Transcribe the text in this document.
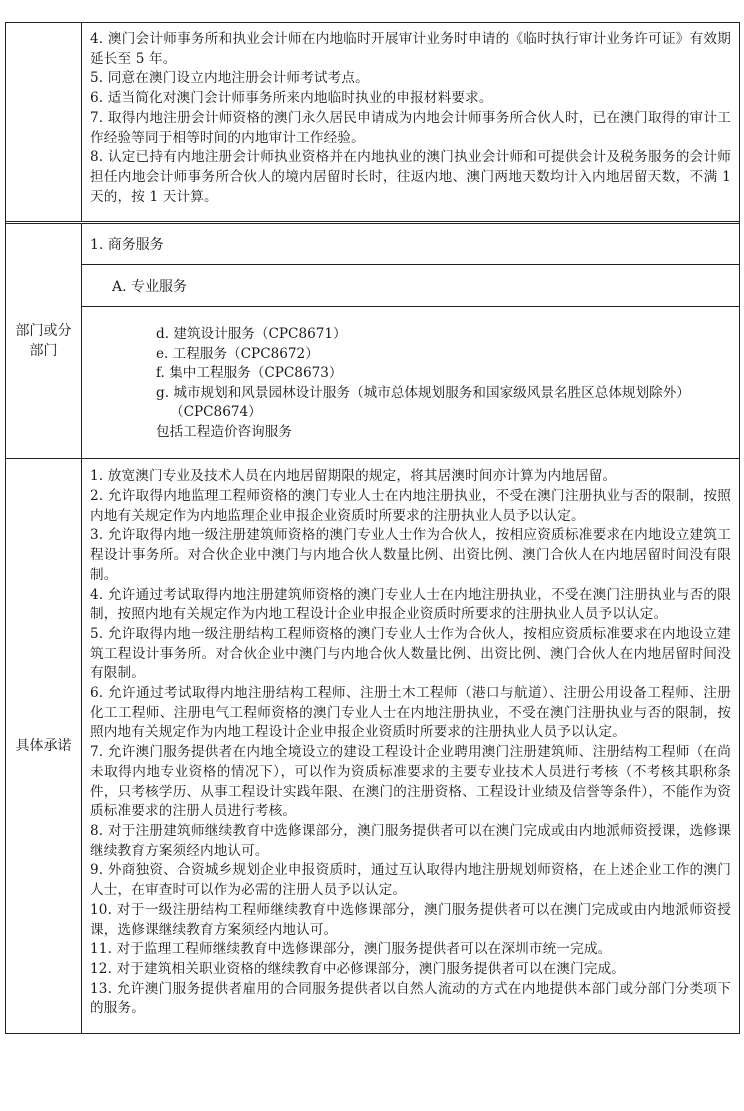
4. 澳门会计师事务所和执业会计师在内地临时开展审计业务时申请的《临时执行审计业务许可证》有效期延长至 5 年。
5. 同意在澳门设立内地注册会计师考试考点。
6. 适当简化对澳门会计师事务所来内地临时执业的申报材料要求。
7. 取得内地注册会计师资格的澳门永久居民申请成为内地会计师事务所合伙人时，已在澳门取得的审计工作经验等同于相等时间的内地审计工作经验。
8. 认定已持有内地注册会计师执业资格并在内地执业的澳门执业会计师和可提供会计及税务服务的会计师担任内地会计师事务所合伙人的境内居留时长时，往返内地、澳门两地天数均计入内地居留天数，不满 1 天的，按 1 天计算。
部门或分部门
1. 商务服务
A. 专业服务
d. 建筑设计服务（CPC8671）
e. 工程服务（CPC8672）
f. 集中工程服务（CPC8673）
g. 城市规划和风景园林设计服务（城市总体规划服务和国家级风景名胜区总体规划除外）（CPC8674）
包括工程造价咨询服务
具体承诺
1. 放宽澳门专业及技术人员在内地居留期限的规定，将其居澳时间亦计算为内地居留。
2. 允许取得内地监理工程师资格的澳门专业人士在内地注册执业，不受在澳门注册执业与否的限制，按照内地有关规定作为内地监理企业申报企业资质时所要求的注册执业人员予以认定。
3. 允许取得内地一级注册建筑师资格的澳门专业人士作为合伙人，按相应资质标准要求在内地设立建筑工程设计事务所。对合伙企业中澳门与内地合伙人数量比例、出资比例、澳门合伙人在内地居留时间没有限制。
4. 允许通过考试取得内地注册建筑师资格的澳门专业人士在内地注册执业，不受在澳门注册执业与否的限制，按照内地有关规定作为内地工程设计企业申报企业资质时所要求的注册执业人员予以认定。
5. 允许取得内地一级注册结构工程师资格的澳门专业人士作为合伙人，按相应资质标准要求在内地设立建筑工程设计事务所。对合伙企业中澳门与内地合伙人数量比例、出资比例、澳门合伙人在内地居留时间没有限制。
6. 允许通过考试取得内地注册结构工程师、注册土木工程师（港口与航道）、注册公用设备工程师、注册化工工程师、注册电气工程师资格的澳门专业人士在内地注册执业，不受在澳门注册执业与否的限制，按照内地有关规定作为内地工程设计企业申报企业资质时所要求的注册执业人员予以认定。
7. 允许澳门服务提供者在内地全境设立的建设工程设计企业聘用澳门注册建筑师、注册结构工程师（在尚未取得内地专业资格的情况下），可以作为资质标准要求的主要专业技术人员进行考核（不考核其职称条件，只考核学历、从事工程设计实践年限、在澳门的注册资格、工程设计业绩及信誉等条件），不能作为资质标准要求的注册人员进行考核。
8. 对于注册建筑师继续教育中选修课部分，澳门服务提供者可以在澳门完成或由内地派师资授课，选修课继续教育方案须经内地认可。
9. 外商独资、合资城乡规划企业申报资质时，通过互认取得内地注册规划师资格，在上述企业工作的澳门人士，在审查时可以作为必需的注册人员予以认定。
10. 对于一级注册结构工程师继续教育中选修课部分，澳门服务提供者可以在澳门完成或由内地派师资授课，选修课继续教育方案须经内地认可。
11. 对于监理工程师继续教育中选修课部分，澳门服务提供者可以在深圳市统一完成。
12. 对于建筑相关职业资格的继续教育中必修课部分，澳门服务提供者可以在澳门完成。
13. 允许澳门服务提供者雇用的合同服务提供者以自然人流动的方式在内地提供本部门或分部门分类项下的服务。
